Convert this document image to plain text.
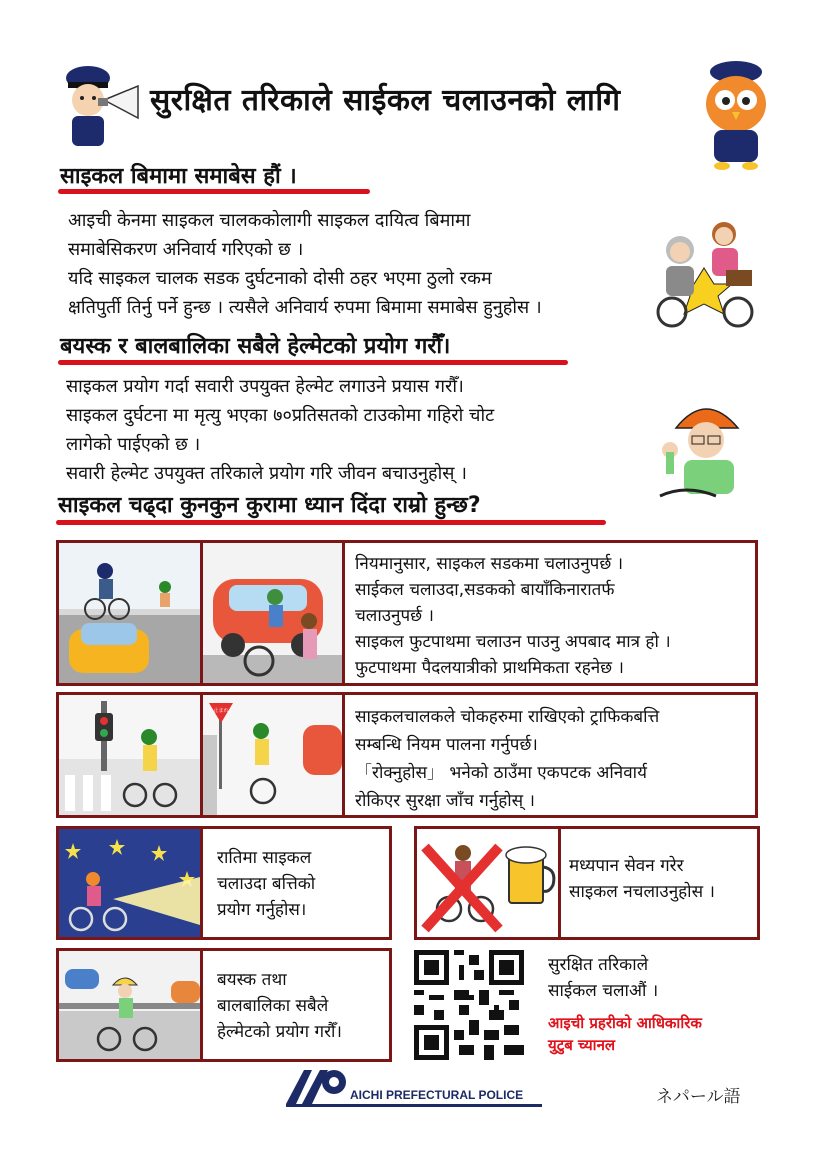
सुरक्षित तरिकाले साईकल चलाउनको लागि
साइकल बिमामा समाबेस हौं ।
आइची केनमा साइकल चालकको​लागी साइकल दायित्व बिमामा
समाबेसिकरण अनिवार्य गरिएको छ ।
यदि साइकल चालक सडक दुर्घटनाको दोसी ठहर भएमा ठुलो रकम
क्षतिपुर्ती तिर्नु पर्ने हुन्छ । त्यसैले अनिवार्य रुपमा बिमामा समाबेस हुनुहोस ।
बयस्क र बालबालिका सबैले हेल्मेटको प्रयोग गरौँ।
साइकल प्रयोग गर्दा सवारी उपयुक्त हेल्मेट लगाउने प्रयास गरौँ।
साइकल दुर्घटना मा मृत्यु भएका ७०प्रतिसतको टाउकोमा गहिरो चोट
लागेको पाईएको छ ।
सवारी हेल्मेट उपयुक्त तरिकाले प्रयोग गरि जीवन बचाउनुहोस् ।
साइकल चढ्दा कुनकुन कुरामा ध्यान दिंदा राम्रो हुन्छ?
नियमानुसार, साइकल सडकमा चलाउनुपर्छ ।
साईकल चलाउदा,सडकको बायाँकिनारातर्फ
चलाउनुपर्छ ।
साइकल फुटपाथमा चलाउन पाउनु अपबाद मात्र हो ।
फुटपाथमा पैदलयात्रीको प्राथमिकता रहनेछ ।
止まれ	साइकलचालकले चोकहरुमा राखिएको ट्राफिकबत्ति
सम्बन्धि नियम पालना गर्नुपर्छ।
「रोक्नुहोस」 भनेको ठाउँमा एकपटक अनिवार्य
रोकिएर सुरक्षा जाँच गर्नुहोस् ।
रातिमा साइकल
चलाउदा बत्तिको
प्रयोग गर्नुहोस।
मध्यपान सेवन गरेर
साइकल नचलाउनुहोस ।
बयस्क तथा
बालबालिका सबैले
हेल्मेटको प्रयोग गरौँ।
सुरक्षित तरिकाले
साईकल चलाऔं ।
आइची प्रहरीको आधिकारिक
युटुब च्यानल
AICHI PREFECTURAL POLICE	ネパール語
